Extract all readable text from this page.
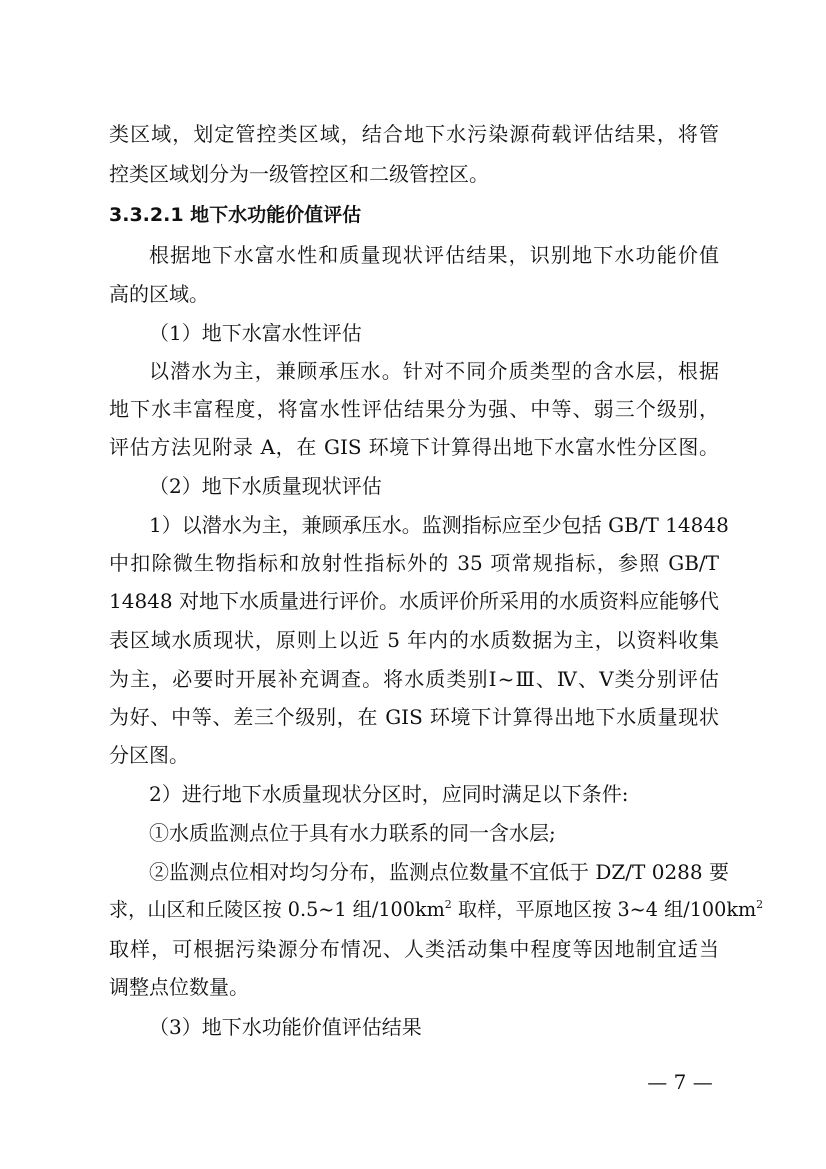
类区域，划定管控类区域，结合地下水污染源荷载评估结果，将管
控类区域划分为一级管控区和二级管控区。
3.3.2.1 地下水功能价值评估
根据地下水富水性和质量现状评估结果，识别地下水功能价值
高的区域。
（1）地下水富水性评估
以潜水为主，兼顾承压水。针对不同介质类型的含水层，根据
地下水丰富程度，将富水性评估结果分为强、中等、弱三个级别，
评估方法见附录 A，在 GIS 环境下计算得出地下水富水性分区图。
（2）地下水质量现状评估
1）以潜水为主，兼顾承压水。监测指标应至少包括 GB/T 14848
中扣除微生物指标和放射性指标外的 35 项常规指标，参照 GB/T
14848 对地下水质量进行评价。水质评价所采用的水质资料应能够代
表区域水质现状，原则上以近 5 年内的水质数据为主，以资料收集
为主，必要时开展补充调查。将水质类别Ⅰ~Ⅲ、Ⅳ、Ⅴ类分别评估
为好、中等、差三个级别，在 GIS 环境下计算得出地下水质量现状
分区图。
2）进行地下水质量现状分区时，应同时满足以下条件:
①水质监测点位于具有水力联系的同一含水层;
②监测点位相对均匀分布，监测点位数量不宜低于 DZ/T 0288 要
求，山区和丘陵区按 0.5~1 组$/100km^2$ 取样，平原地区按 3~4 组$/100km^2$
取样，可根据污染源分布情况、人类活动集中程度等因地制宜适当
调整点位数量。
（3）地下水功能价值评估结果
— 7 —
